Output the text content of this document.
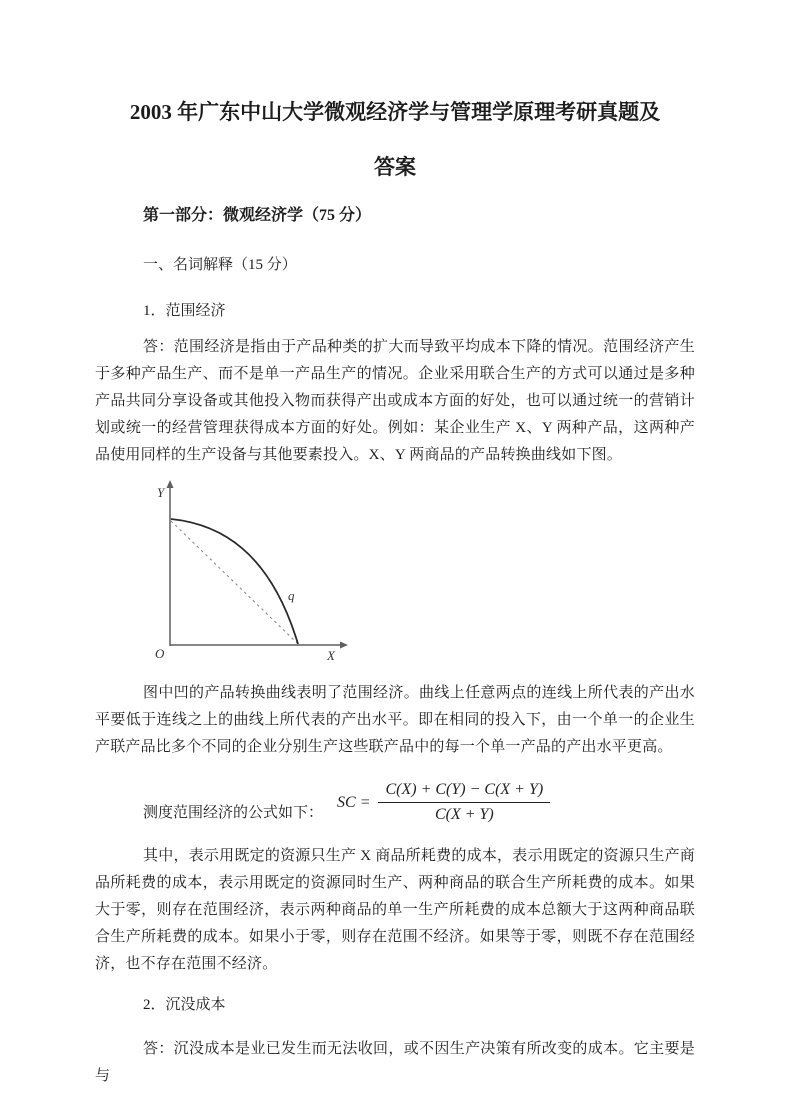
2003 年广东中山大学微观经济学与管理学原理考研真题及
答案
第一部分：微观经济学（75 分）
一、名词解释（15 分）
1．范围经济

答：范围经济是指由于产品种类的扩大而导致平均成本下降的情况。范围经济产生于多种产品生产、而不是单一产品生产的情况。企业采用联合生产的方式可以通过是多种产品共同分享设备或其他投入物而获得产出或成本方面的好处，也可以通过统一的营销计划或统一的经营管理获得成本方面的好处。例如：某企业生产 X、Y 两种产品，这两种产品使用同样的生产设备与其他要素投入。X、Y 两商品的产品转换曲线如下图。

Y
X
O
q

图中凹的产品转换曲线表明了范围经济。曲线上任意两点的连线上所代表的产出水平要低于连线之上的曲线上所代表的产出水平。即在相同的投入下，由一个单一的企业生产联产品比多个不同的企业分别生产这些联产品中的每一个单一产品的产出水平更高。

测度范围经济的公式如下：
SC = $\frac{C(X) + C(Y) - C(X + Y)}{C(X + Y)}$

其中，表示用既定的资源只生产 X 商品所耗费的成本，表示用既定的资源只生产商品所耗费的成本，表示用既定的资源同时生产、两种商品的联合生产所耗费的成本。如果大于零，则存在范围经济，表示两种商品的单一生产所耗费的成本总额大于这两种商品联合生产所耗费的成本。如果小于零，则存在范围不经济。如果等于零，则既不存在范围经济，也不存在范围不经济。

2．沉没成本

答：沉没成本是业已发生而无法收回，或不因生产决策有所改变的成本。它主要是与
